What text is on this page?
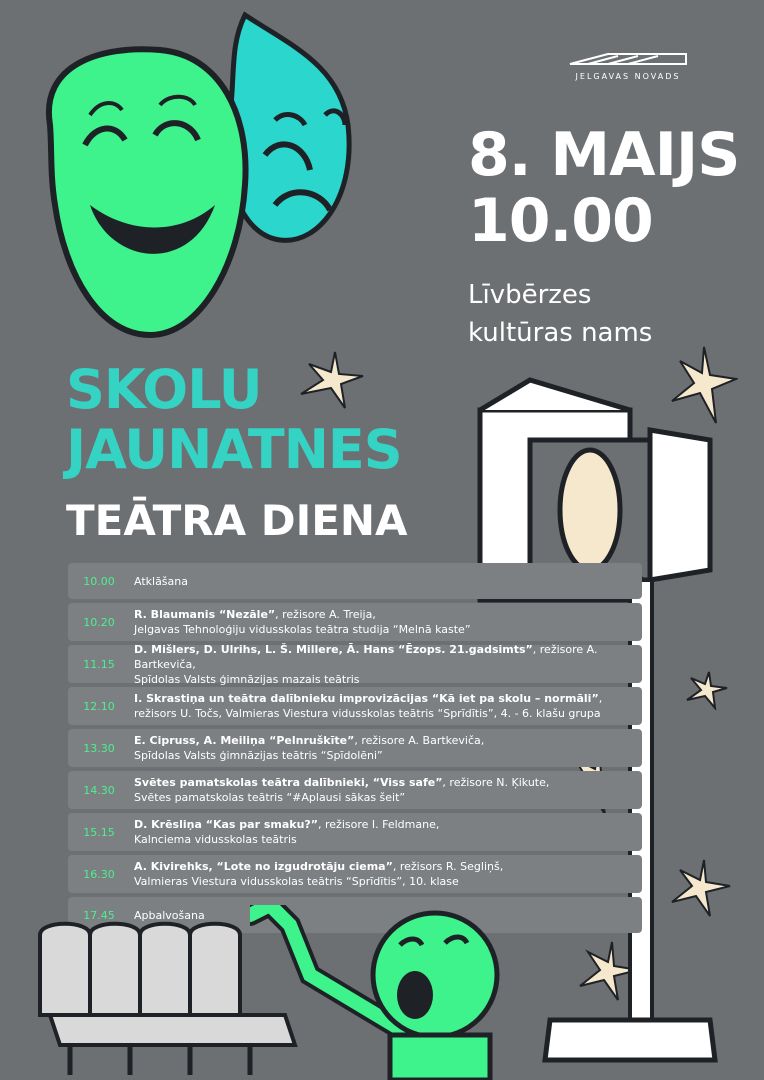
JELGAVAS NOVADS
8. MAIJS
10.00
Līvbērzes
kultūras nams
SKOLU
JAUNATNES
TEĀTRA DIENA
10.00	Atklāšana
10.20
R. Blaumanis “Nezāle”, režisore A. Treija,
Jelgavas Tehnoloģiju vidusskolas teātra studija “Melnā kaste”
11.15
D. Mišlers, D. Ulrihs, L. Š. Millere, Ā. Hans “Ēzops. 21.gadsimts”, režisore A. Bartkeviča,
Spīdolas Valsts ģimnāzijas mazais teātris
12.10
I. Skrastiņa un teātra dalībnieku improvizācijas “Kā iet pa skolu – normāli”,
režisors U. Točs, Valmieras Viestura vidusskolas teātris “Sprīdītis”, 4. - 6. klašu grupa
13.30
E. Cipruss, A. Meiliņa “Pelnruškīte”, režisore A. Bartkeviča,
Spīdolas Valsts ģimnāzijas teātris “Spīdolēni”
14.30
Svētes pamatskolas teātra dalībnieki, “Viss safe”, režisore N. Ķikute,
Svētes pamatskolas teātris “#Aplausi sākas šeit”
15.15
D. Krēsliņa “Kas par smaku?”, režisore I. Feldmane,
Kalnciema vidusskolas teātris
16.30
A. Kivirehks, “Lote no izgudrotāju ciema”, režisors R. Segliņš,
Valmieras Viestura vidusskolas teātris “Sprīdītis”, 10. klase
17.45	Apbalvošana
